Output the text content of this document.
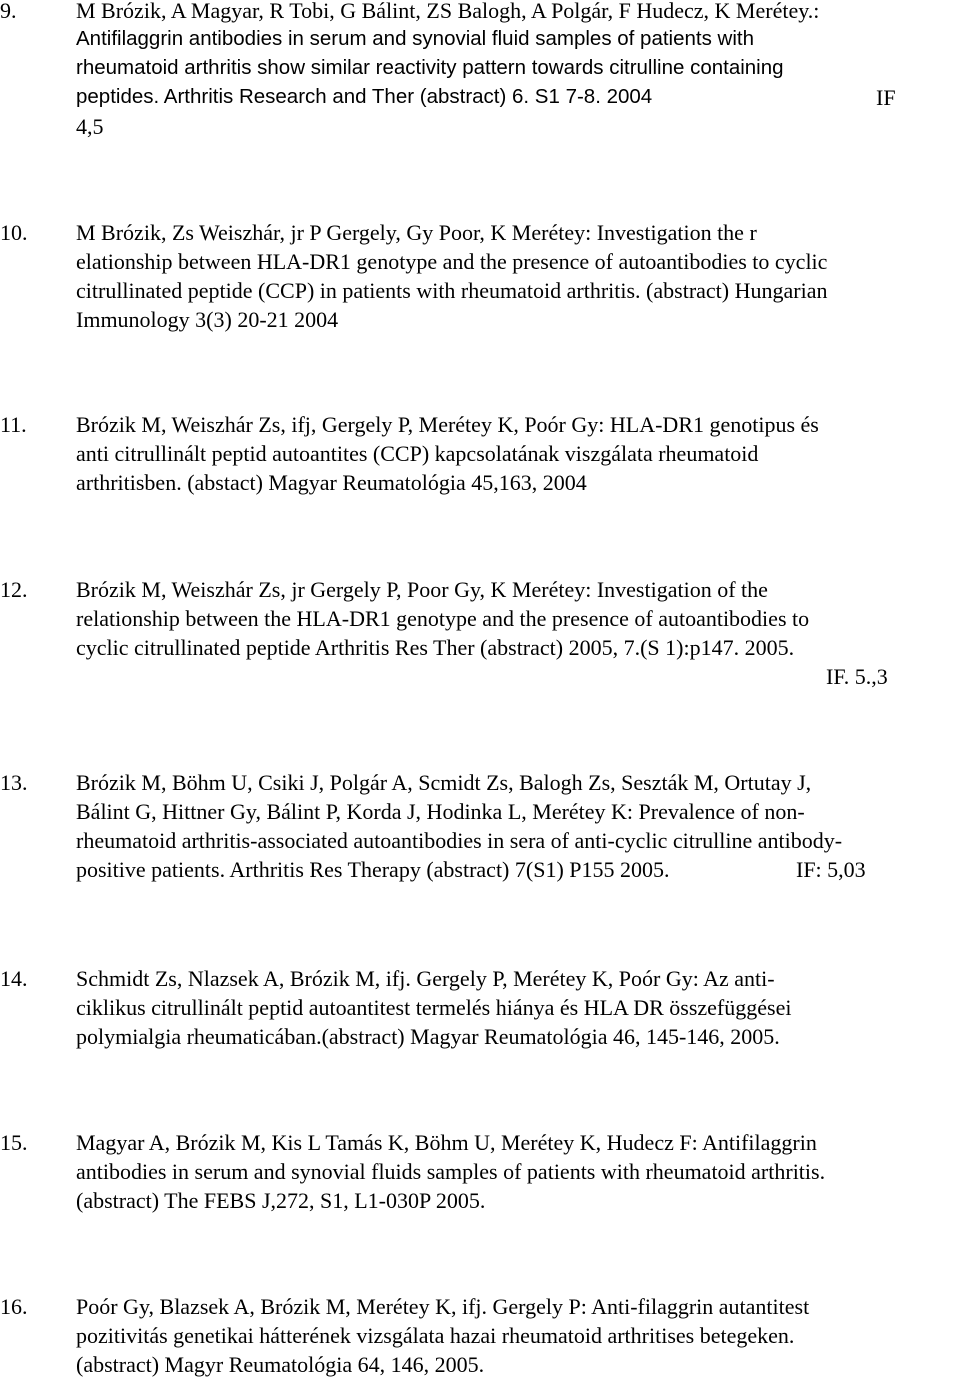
9.	M Brózik, A Magyar, R Tobi, G Bálint, ZS Balogh, A Polgár, F Hudecz, K Merétey.:
Antifilaggrin antibodies in serum and synovial fluid samples of patients with
rheumatoid arthritis show similar reactivity pattern towards citrulline containing
peptides. Arthritis Research and Ther (abstract) 6. S1 7-8. 2004	IF
4,5
10. M Brózik, Zs Weiszhár, jr P Gergely, Gy Poor, K Merétey: Investigation the r
elationship between HLA-DR1 genotype and the presence of autoantibodies to cyclic
citrullinated peptide (CCP) in patients with rheumatoid arthritis. (abstract) Hungarian
Immunology 3(3) 20-21 2004
11. Brózik M, Weiszhár Zs, ifj, Gergely P, Merétey K, Poór Gy: HLA-DR1 genotipus és
anti citrullinált peptid autoantites (CCP) kapcsolatának viszgálata rheumatoid
arthritisben. (abstact) Magyar Reumatológia 45,163, 2004
12. Brózik M, Weiszhár Zs, jr Gergely P, Poor Gy, K Merétey: Investigation of the
relationship between the HLA-DR1 genotype and the presence of autoantibodies to
cyclic citrullinated peptide Arthritis Res Ther (abstract) 2005, 7.(S 1):p147. 2005.
IF. 5.,3
13. Brózik M, Böhm U, Csiki J, Polgár A, Scmidt Zs, Balogh Zs, Seszták M, Ortutay J,
Bálint G, Hittner Gy, Bálint P, Korda J, Hodinka L, Merétey K: Prevalence of non-
rheumatoid arthritis-associated autoantibodies in sera of anti-cyclic citrulline antibody-
positive patients. Arthritis Res Therapy (abstract) 7(S1) P155 2005.	IF: 5,03
14. Schmidt Zs, Nlazsek A, Brózik M, ifj. Gergely P, Merétey K, Poór Gy: Az anti-
ciklikus citrullinált peptid autoantitest termelés hiánya és HLA DR összefüggései
polymialgia rheumaticában.(abstract) Magyar Reumatológia 46, 145-146, 2005.
15. Magyar A, Brózik M, Kis L Tamás K, Böhm U, Merétey K, Hudecz F: Antifilaggrin
antibodies in serum and synovial fluids samples of patients with rheumatoid arthritis.
(abstract) The FEBS J,272, S1, L1-030P 2005.
16. Poór Gy, Blazsek A, Brózik M, Merétey K, ifj. Gergely P: Anti-filaggrin autantitest
pozitivitás genetikai hátterének vizsgálata hazai rheumatoid arthritises betegeken.
(abstract) Magyr Reumatológia 64, 146, 2005.
